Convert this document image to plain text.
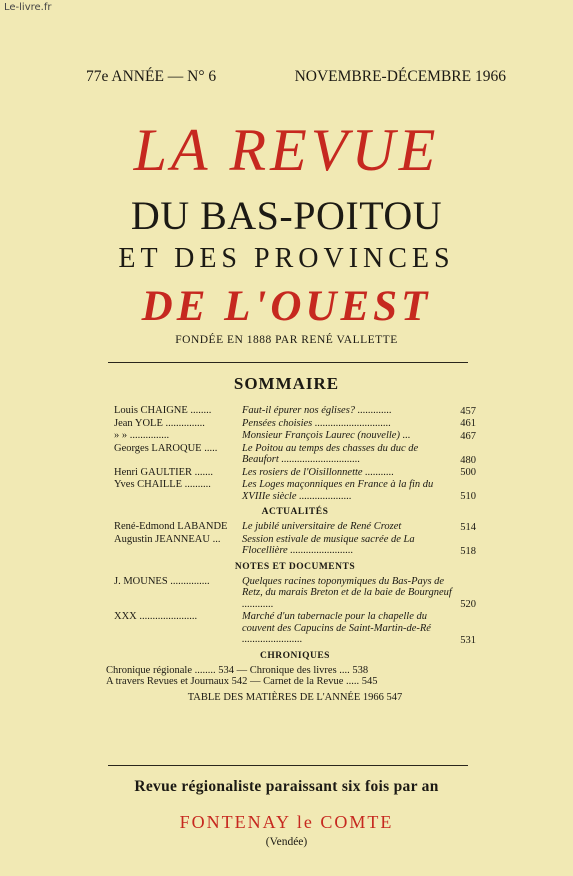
Le-livre.fr
77e ANNÉE — N° 6	NOVEMBRE-DÉCEMBRE 1966
LA REVUE
DU BAS-POITOU
ET DES PROVINCES
DE L'OUEST
FONDÉE EN 1888 PAR RENÉ VALLETTE
SOMMAIRE
Louis CHAIGNE ........	Faut-il épurer nos églises? .............	457
Jean YOLE ...............	Pensées choisies .............................	461
» » ...............	Monsieur François Laurec (nouvelle) ...	467
Georges LAROQUE .....	Le Poitou au temps des chasses du duc de Beaufort ..............................	480
Henri GAULTIER .......	Les rosiers de l'Oisillonnette ...........	500
Yves CHAILLE ..........	Les Loges maçonniques en France à la fin du XVIIIe siècle ....................	510
ACTUALITÉS
René-Edmond LABANDE	Le jubilé universitaire de René Crozet	514
Augustin JEANNEAU ...	Session estivale de musique sacrée de La Flocellière ........................	518
NOTES ET DOCUMENTS
J. MOUNES ...............	Quelques racines toponymiques du Bas-Pays de Retz, du marais Breton et de la baie de Bourgneuf ............	520
XXX ......................	Marché d'un tabernacle pour la chapelle du couvent des Capucins de Saint-Martin-de-Ré .......................	531
CHRONIQUES
Chronique régionale ........ 534 — Chronique des livres .... 538
A travers Revues et Journaux 542 — Carnet de la Revue ..... 545
TABLE DES MATIÈRES DE L'ANNÉE 1966 547
Revue régionaliste paraissant six fois par an
FONTENAY le COMTE
(Vendée)
